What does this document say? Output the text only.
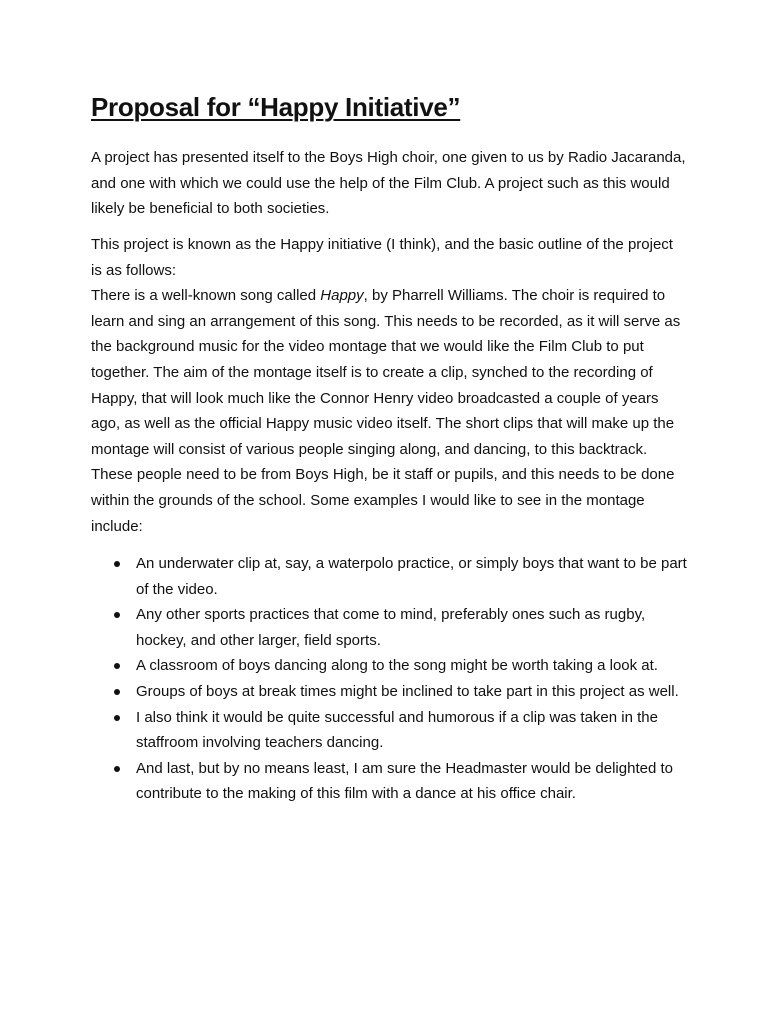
Proposal for “Happy Initiative”

A project has presented itself to the Boys High choir, one given to us by Radio Jacaranda, and one with which we could use the help of the Film Club. A project such as this would likely be beneficial to both societies.

This project is known as the Happy initiative (I think), and the basic outline of the project is as follows:

There is a well-known song called Happy, by Pharrell Williams. The choir is required to learn and sing an arrangement of this song. This needs to be recorded, as it will serve as the background music for the video montage that we would like the Film Club to put together. The aim of the montage itself is to create a clip, synched to the recording of Happy, that will look much like the Connor Henry video broadcasted a couple of years ago, as well as the official Happy music video itself. The short clips that will make up the montage will consist of various people singing along, and dancing, to this backtrack. These people need to be from Boys High, be it staff or pupils, and this needs to be done within the grounds of the school. Some examples I would like to see in the montage include:

An underwater clip at, say, a waterpolo practice, or simply boys that want to be part of the video.
Any other sports practices that come to mind, preferably ones such as rugby, hockey, and other larger, field sports.
A classroom of boys dancing along to the song might be worth taking a look at.
Groups of boys at break times might be inclined to take part in this project as well.
I also think it would be quite successful and humorous if a clip was taken in the staffroom involving teachers dancing.
And last, but by no means least, I am sure the Headmaster would be delighted to contribute to the making of this film with a dance at his office chair.
